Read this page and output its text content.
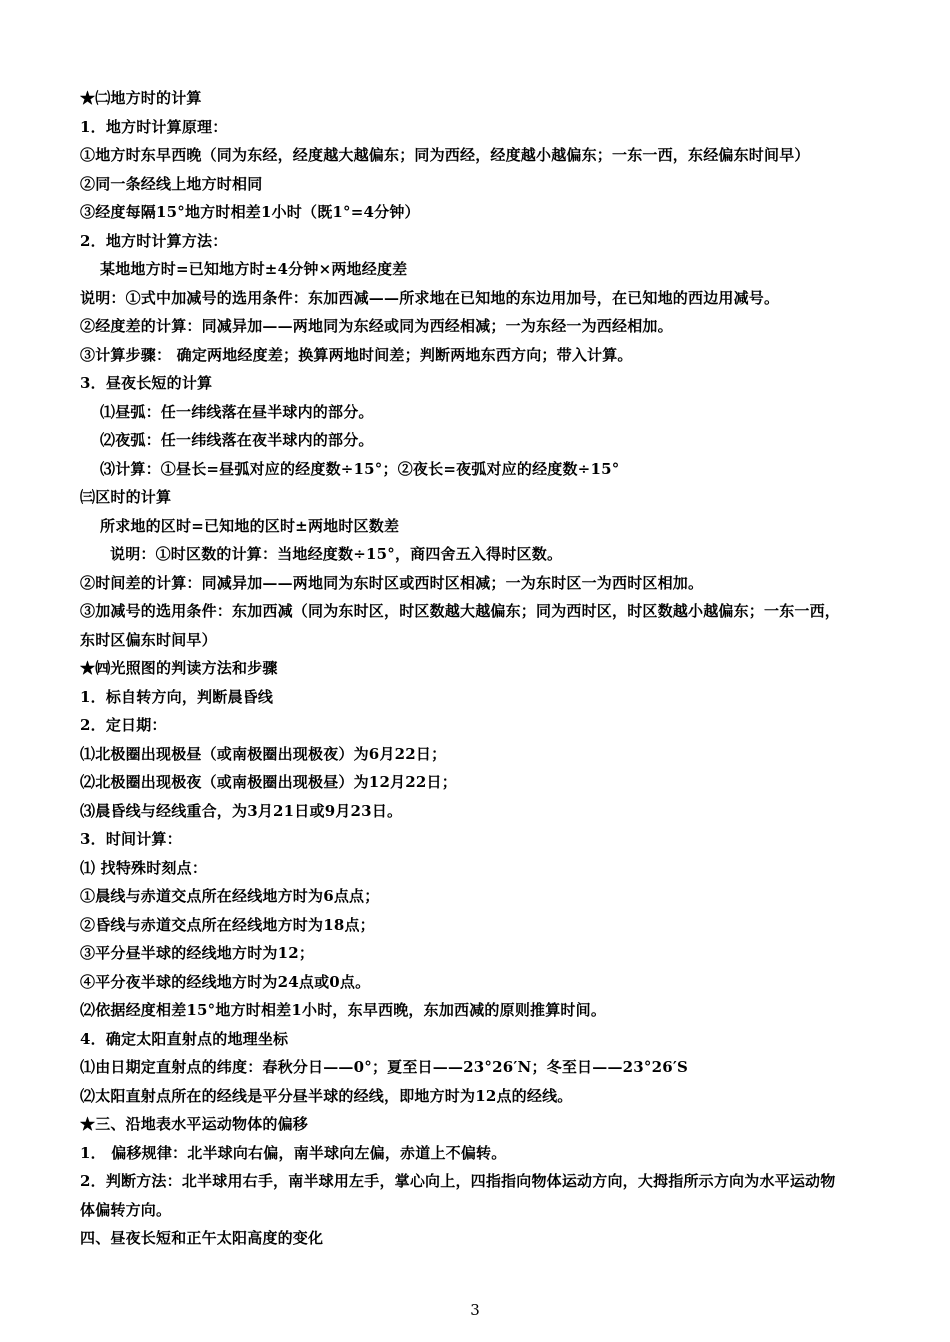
★㈡地方时的计算
1．地方时计算原理：
①地方时东早西晚（同为东经，经度越大越偏东；同为西经，经度越小越偏东；一东一西，东经偏东时间早）
②同一条经线上地方时相同
③经度每隔15°地方时相差1小时（既1°=4分钟）
2．地方时计算方法：
某地地方时=已知地方时±4分钟×两地经度差
说明：①式中加减号的选用条件：东加西减——所求地在已知地的东边用加号，在已知地的西边用减号。
②经度差的计算：同减异加——两地同为东经或同为西经相减；一为东经一为西经相加。
③计算步骤： 确定两地经度差；换算两地时间差；判断两地东西方向；带入计算。
3．昼夜长短的计算
⑴昼弧：任一纬线落在昼半球内的部分。
⑵夜弧：任一纬线落在夜半球内的部分。
⑶计算：①昼长=昼弧对应的经度数÷15°；②夜长=夜弧对应的经度数÷15°
㈢区时的计算
所求地的区时=已知地的区时±两地时区数差
说明：①时区数的计算：当地经度数÷15°，商四舍五入得时区数。
②时间差的计算：同减异加——两地同为东时区或西时区相减；一为东时区一为西时区相加。
③加减号的选用条件：东加西减（同为东时区，时区数越大越偏东；同为西时区，时区数越小越偏东；一东一西，
东时区偏东时间早）
★㈣光照图的判读方法和步骤
1．标自转方向，判断晨昏线
2．定日期：
⑴北极圈出现极昼（或南极圈出现极夜）为6月22日；
⑵北极圈出现极夜（或南极圈出现极昼）为12月22日；
⑶晨昏线与经线重合，为3月21日或9月23日。
3．时间计算：
⑴ 找特殊时刻点：
①晨线与赤道交点所在经线地方时为6点点；
②昏线与赤道交点所在经线地方时为18点；
③平分昼半球的经线地方时为12；
④平分夜半球的经线地方时为24点或0点。
⑵依据经度相差15°地方时相差1小时，东早西晚，东加西减的原则推算时间。
4．确定太阳直射点的地理坐标
⑴由日期定直射点的纬度：春秋分日——0°；夏至日——23°26′N；冬至日——23°26′S
⑵太阳直射点所在的经线是平分昼半球的经线，即地方时为12点的经线。
★三、沿地表水平运动物体的偏移
1． 偏移规律：北半球向右偏，南半球向左偏，赤道上不偏转。
2．判断方法：北半球用右手，南半球用左手，掌心向上，四指指向物体运动方向，大拇指所示方向为水平运动物
体偏转方向。
四、昼夜长短和正午太阳高度的变化
3
